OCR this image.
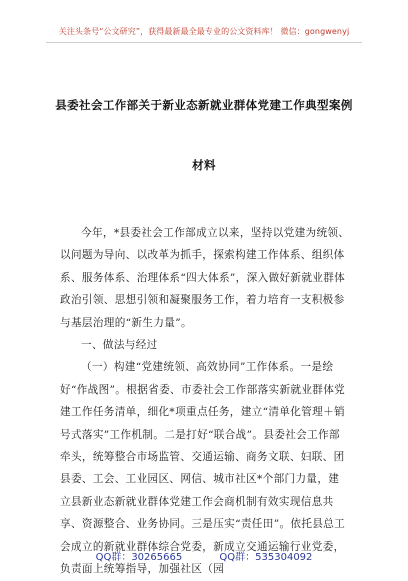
关注头条号“公文研究”，获得最新最全最专业的公文资料库！ 微信：gongwenyj
县委社会工作部关于新业态新就业群体党建工作典型案例
材料

今年，*县委社会工作部成立以来，坚持以党建为统领、以问题为导向、以改革为抓手，探索构建工作体系、组织体系、服务体系、治理体系“四大体系”，深入做好新就业群体政治引领、思想引领和凝聚服务工作，着力培育一支积极参与基层治理的“新生力量”。

一、做法与经过

（一）构建“党建统领、高效协同”工作体系。一是绘好“作战图”。根据省委、市委社会工作部落实新就业群体党建工作任务清单，细化*项重点任务，建立“清单化管理＋销号式落实”工作机制。二是打好“联合战”。县委社会工作部牵头，统筹整合市场监管、交通运输、商务文联、妇联、团县委、工会、工业园区、网信、城市社区*个部门力量，建立县新业态新就业群体党建工作会商机制有效实现信息共享、资源整合、业务协同。三是压实“责任田”。依托县总工会成立的新就业群体综合党委，新成立交通运输行业党委，负责面上统筹指导，加强社区（园

QQ群：30265665	QQ群：535304092
